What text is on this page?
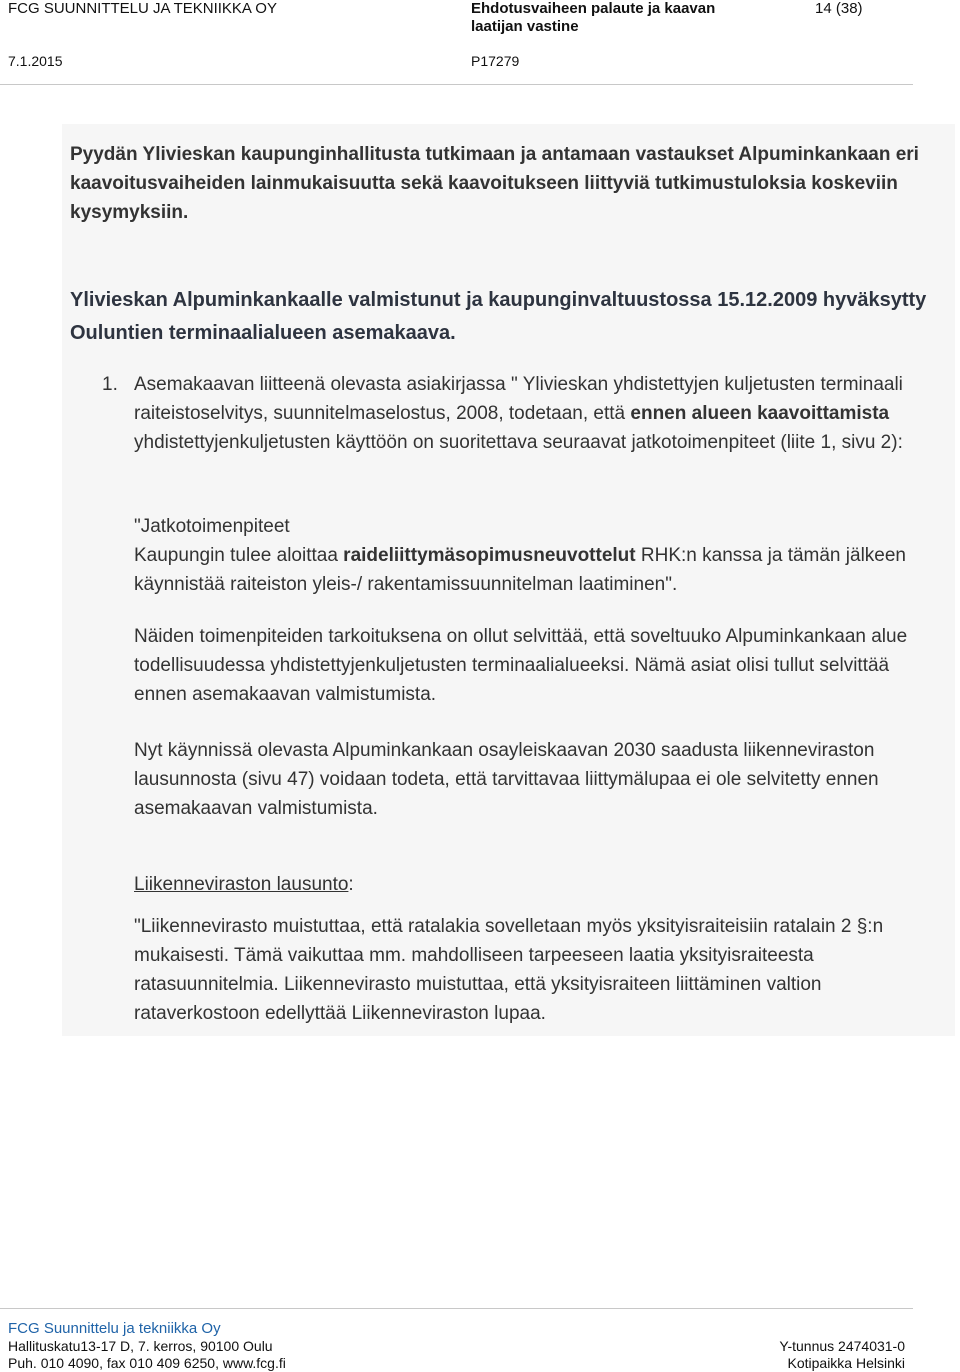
FCG SUUNNITTELU JA TEKNIIKKA OY	Ehdotusvaiheen palaute ja kaavan laatijan vastine
14 (38)
7.1.2015	P17279

Pyydän Ylivieskan kaupunginhallitusta tutkimaan ja antamaan vastaukset Alpuminkankaan eri kaavoitusvaiheiden lainmukaisuutta sekä kaavoitukseen liittyviä tutkimustuloksia koskeviin kysymyksiin.

Ylivieskan Alpuminkankaalle valmistunut ja kaupunginvaltuustossa 15.12.2009 hyväksytty Ouluntien terminaalialueen asemakaava.

1. Asemakaavan liitteenä olevasta asiakirjassa " Ylivieskan yhdistettyjen kuljetusten terminaali raiteistoselvitys, suunnitelmaselostus, 2008, todetaan, että ennen alueen kaavoittamista yhdistettyjenkuljetusten käyttöön on suoritettava seuraavat jatkotoimenpiteet (liite 1, sivu 2):

"Jatkotoimenpiteet

Kaupungin tulee aloittaa raideliittymäsopimusneuvottelut RHK:n kanssa ja tämän jälkeen käynnistää raiteiston yleis-/ rakentamissuunnitelman laatiminen".

Näiden toimenpiteiden tarkoituksena on ollut selvittää, että soveltuuko Alpuminkankaan alue todellisuudessa yhdistettyjenkuljetusten terminaalialueeksi. Nämä asiat olisi tullut selvittää ennen asemakaavan valmistumista.

Nyt käynnissä olevasta Alpuminkankaan osayleiskaavan 2030 saadusta liikenneviraston lausunnosta (sivu 47) voidaan todeta, että tarvittavaa liittymälupaa ei ole selvitetty ennen asemakaavan valmistumista.

Liikenneviraston lausunto:

"Liikennevirasto muistuttaa, että ratalakia sovelletaan myös yksityisraiteisiin ratalain 2 §:n mukaisesti. Tämä vaikuttaa mm. mahdolliseen tarpeeseen laatia yksityisraiteesta ratasuunnitelmia. Liikennevirasto muistuttaa, että yksityisraiteen liittäminen valtion rataverkostoon edellyttää Liikenneviraston lupaa.

FCG Suunnittelu ja tekniikka Oy
Hallituskatu13-17 D, 7. kerros, 90100 Oulu
Puh. 010 4090, fax 010 409 6250, www.fcg.fi
Y-tunnus 2474031-0
Kotipaikka Helsinki
